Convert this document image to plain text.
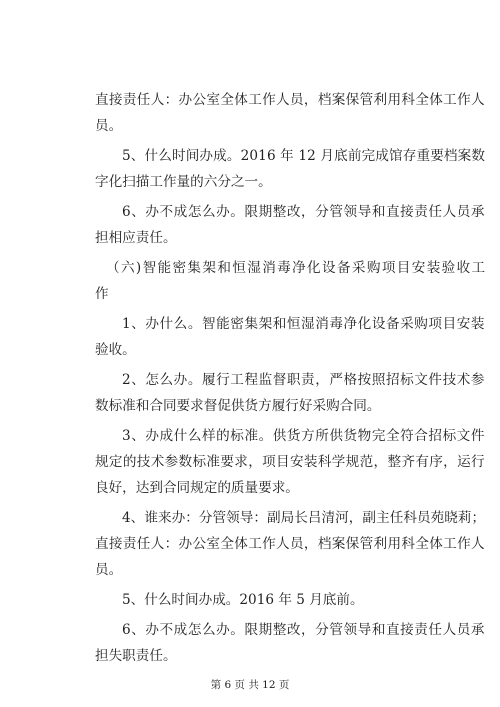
直接责任人：办公室全体工作人员，档案保管利用科全体工作人
员。
5、什么时间办成。2016 年 12 月底前完成馆存重要档案数
字化扫描工作量的六分之一。
6、办不成怎么办。限期整改，分管领导和直接责任人员承
担相应责任。
（六)智能密集架和恒湿消毒净化设备采购项目安装验收工
作
1、办什么。智能密集架和恒湿消毒净化设备采购项目安装
验收。
2、怎么办。履行工程监督职责，严格按照招标文件技术参
数标准和合同要求督促供货方履行好采购合同。
3、办成什么样的标准。供货方所供货物完全符合招标文件
规定的技术参数标准要求，项目安装科学规范，整齐有序，运行
良好，达到合同规定的质量要求。
4、谁来办：分管领导：副局长吕清河，副主任科员苑晓莉；
直接责任人：办公室全体工作人员，档案保管利用科全体工作人
员。
5、什么时间办成。2016 年 5 月底前。
6、办不成怎么办。限期整改，分管领导和直接责任人员承
担失职责任。
第 6 页 共 12 页
